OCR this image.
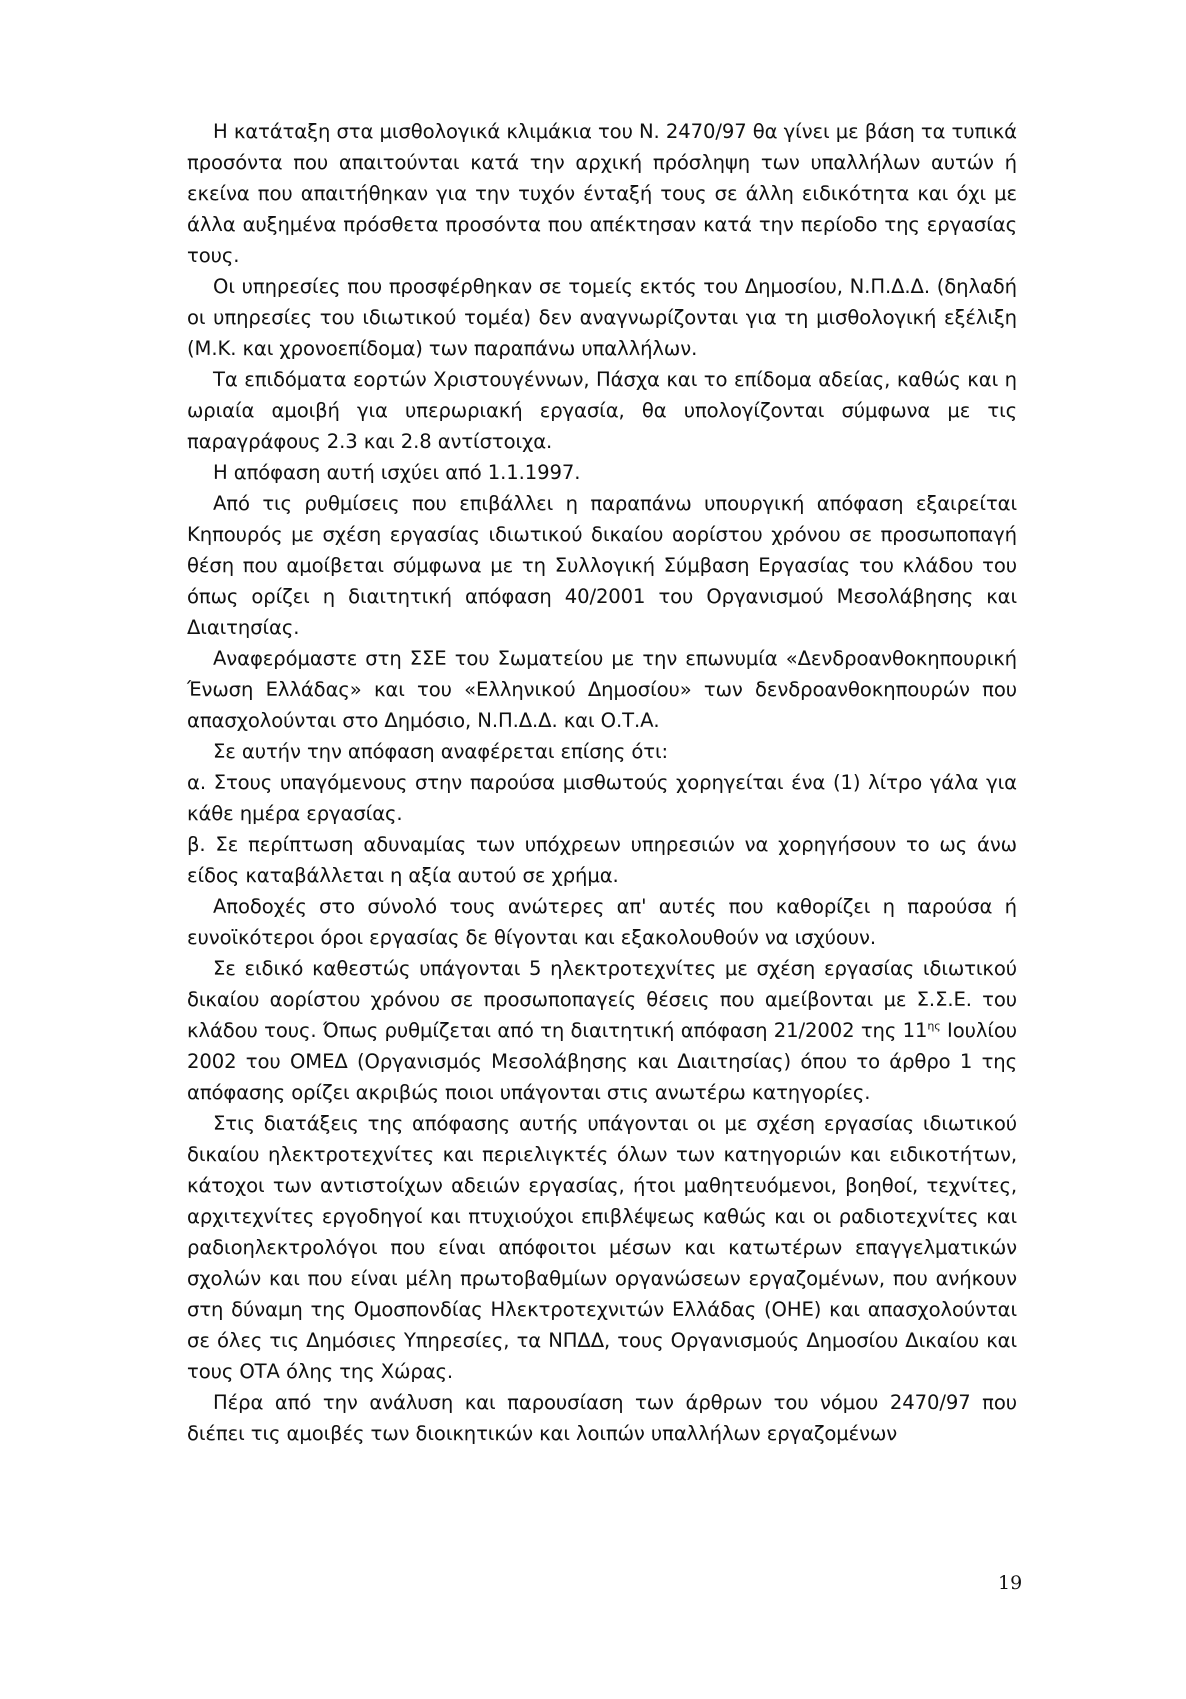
Η κατάταξη στα μισθολογικά κλιμάκια του Ν. 2470/97 θα γίνει με βάση τα τυπικά προσόντα που απαιτούνται κατά την αρχική πρόσληψη των υπαλλήλων αυτών ή εκείνα που απαιτήθηκαν για την τυχόν ένταξή τους σε άλλη ειδικότητα και όχι με άλλα αυξημένα πρόσθετα προσόντα που απέκτησαν κατά την περίοδο της εργασίας τους.

Οι υπηρεσίες που προσφέρθηκαν σε τομείς εκτός του Δημοσίου, Ν.Π.Δ.Δ. (δηλαδή οι υπηρεσίες του ιδιωτικού τομέα) δεν αναγνωρίζονται για τη μισθολογική εξέλιξη (Μ.Κ. και χρονοεπίδομα) των παραπάνω υπαλλήλων.

Τα επιδόματα εορτών Χριστουγέννων, Πάσχα και το επίδομα αδείας, καθώς και η ωριαία αμοιβή για υπερωριακή εργασία, θα υπολογίζονται σύμφωνα με τις παραγράφους 2.3 και 2.8 αντίστοιχα.

Η απόφαση αυτή ισχύει από 1.1.1997.

Από τις ρυθμίσεις που επιβάλλει η παραπάνω υπουργική απόφαση εξαιρείται Κηπουρός με σχέση εργασίας ιδιωτικού δικαίου αορίστου χρόνου σε προσωποπαγή θέση που αμοίβεται σύμφωνα με τη Συλλογική Σύμβαση Εργασίας του κλάδου του όπως ορίζει η διαιτητική απόφαση 40/2001 του Οργανισμού Μεσολάβησης και Διαιτησίας.

Αναφερόμαστε στη ΣΣΕ του Σωματείου με την επωνυμία «Δενδροανθοκηπουρική Ένωση Ελλάδας» και του «Ελληνικού Δημοσίου» των δενδροανθοκηπουρών που απασχολούνται στο Δημόσιο, Ν.Π.Δ.Δ. και Ο.Τ.Α.

Σε αυτήν την απόφαση αναφέρεται επίσης ότι:

α. Στους υπαγόμενους στην παρούσα μισθωτούς χορηγείται ένα (1) λίτρο γάλα για κάθε ημέρα εργασίας.

β. Σε περίπτωση αδυναμίας των υπόχρεων υπηρεσιών να χορηγήσουν το ως άνω είδος καταβάλλεται η αξία αυτού σε χρήμα.

Αποδοχές στο σύνολό τους ανώτερες απ' αυτές που καθορίζει η παρούσα ή ευνοϊκότεροι όροι εργασίας δε θίγονται και εξακολουθούν να ισχύουν.

Σε ειδικό καθεστώς υπάγονται 5 ηλεκτροτεχνίτες με σχέση εργασίας ιδιωτικού δικαίου αορίστου χρόνου σε προσωποπαγείς θέσεις που αμείβονται με Σ.Σ.Ε. του κλάδου τους. Όπως ρυθμίζεται από τη διαιτητική απόφαση 21/2002 της $11^{\eta\varsigma}$ Ιουλίου 2002 του ΟΜΕΔ (Οργανισμός Μεσολάβησης και Διαιτησίας) όπου το άρθρο 1 της απόφασης ορίζει ακριβώς ποιοι υπάγονται στις ανωτέρω κατηγορίες.

Στις διατάξεις της απόφασης αυτής υπάγονται οι με σχέση εργασίας ιδιωτικού δικαίου ηλεκτροτεχνίτες και περιελιγκτές όλων των κατηγοριών και ειδικοτήτων, κάτοχοι των αντιστοίχων αδειών εργασίας, ήτοι μαθητευόμενοι, βοηθοί, τεχνίτες, αρχιτεχνίτες εργοδηγοί και πτυχιούχοι επιβλέψεως καθώς και οι ραδιοτεχνίτες και ραδιοηλεκτρολόγοι που είναι απόφοιτοι μέσων και κατωτέρων επαγγελματικών σχολών και που είναι μέλη πρωτοβαθμίων οργανώσεων εργαζομένων, που ανήκουν στη δύναμη της Ομοσπονδίας Ηλεκτροτεχνιτών Ελλάδας (ΟΗΕ) και απασχολούνται σε όλες τις Δημόσιες Υπηρεσίες, τα ΝΠΔΔ, τους Οργανισμούς Δημοσίου Δικαίου και τους ΟΤΑ όλης της Χώρας.

Πέρα από την ανάλυση και παρουσίαση των άρθρων του νόμου 2470/97 που διέπει τις αμοιβές των διοικητικών και λοιπών υπαλλήλων εργαζομένων

19
